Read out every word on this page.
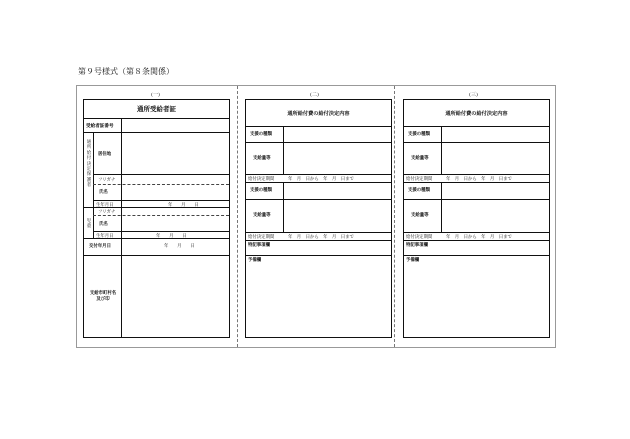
第９号様式（第８条関係）
(一)	(二)	(三)
通所受給者証
受給者証番号
通
所
給
付
決
定
保
護
者
居住地
フリガナ
氏名
生年月日	年　　月　　日
フリガナ
児
童 氏名
生年月日	年　　月　　日
交付年月日	年　　月　　日
支給市町村名及び印
通所給付費の給付決定内容
支援の種類
支給量等
給付決定期間	年　月　日から　年　月　日まで
支援の種類
支給量等
給付決定期間	年　月　日から　年　月　日まで
特記事項欄
予備欄
通所給付費の給付決定内容
支援の種類
支給量等
給付決定期間	年　月　日から　年　月　日まで
支援の種類
支給量等
給付決定期間	年　月　日から　年　月　日まで
特記事項欄
予備欄
